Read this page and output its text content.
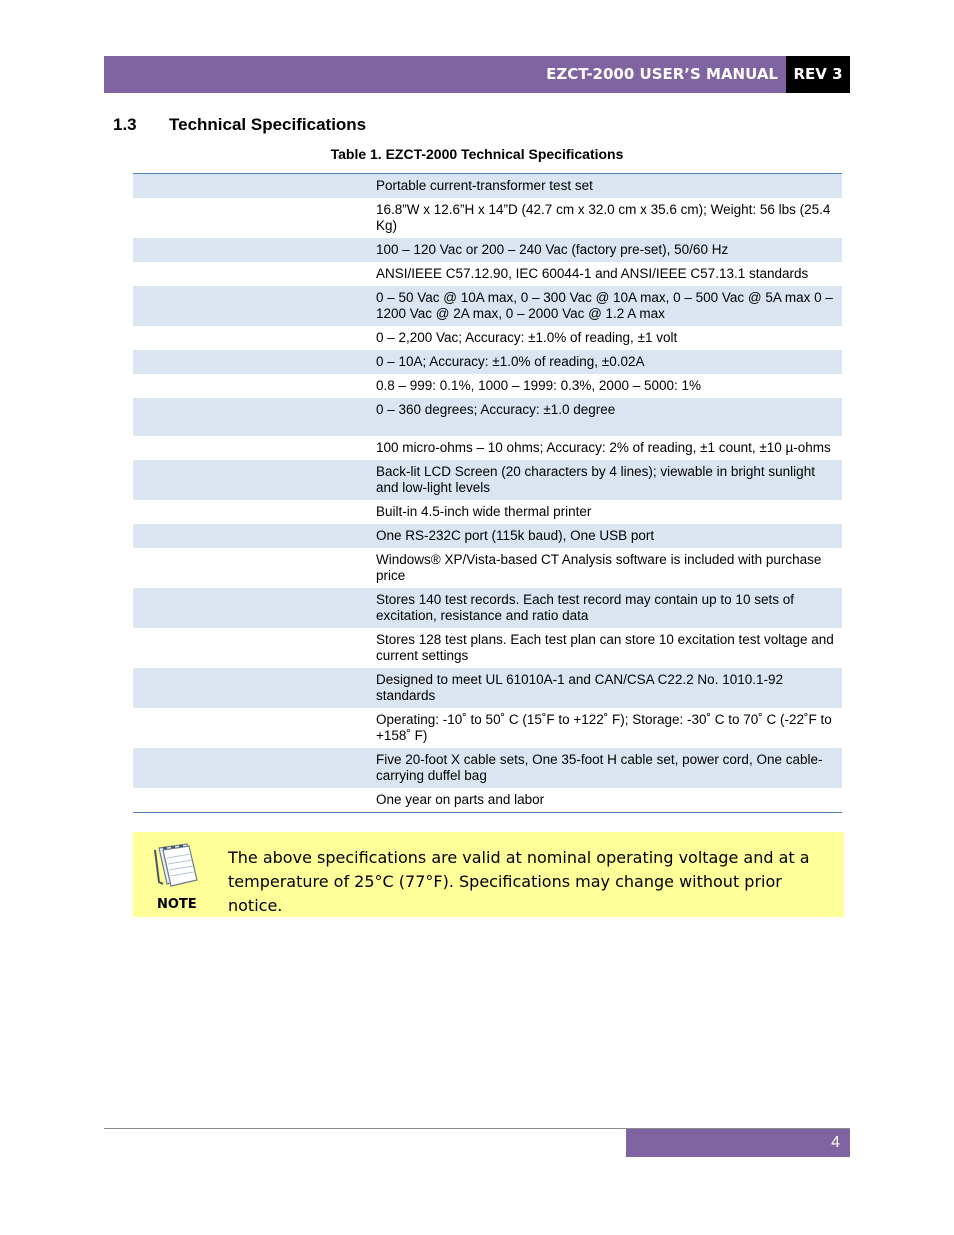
EZCT-2000 USER’S MANUAL	REV 3
1.3 Technical Specifications
Table 1. EZCT-2000 Technical Specifications
	Portable current-transformer test set
	16.8”W x 12.6”H x 14”D (42.7 cm x 32.0 cm x 35.6 cm); Weight: 56 lbs (25.4 Kg)
	100 – 120 Vac or 200 – 240 Vac (factory pre-set), 50/60 Hz
	ANSI/IEEE C57.12.90, IEC 60044-1 and ANSI/IEEE C57.13.1 standards
	0 – 50 Vac @ 10A max, 0 – 300 Vac @ 10A max, 0 – 500 Vac @ 5A max 0 – 1200 Vac @ 2A max, 0 – 2000 Vac @ 1.2 A max
	0 – 2,200 Vac; Accuracy: ±1.0% of reading, ±1 volt
	0 – 10A; Accuracy: ±1.0% of reading, ±0.02A
	0.8 – 999: 0.1%, 1000 – 1999: 0.3%, 2000 – 5000: 1%
	0 – 360 degrees; Accuracy: ±1.0 degree
	100 micro-ohms – 10 ohms; Accuracy: 2% of reading, ±1 count, ±10 µ-ohms
	Back-lit LCD Screen (20 characters by 4 lines); viewable in bright sunlight and low-light levels
	Built-in 4.5-inch wide thermal printer
	One RS-232C port (115k baud), One USB port
	Windows® XP/Vista-based CT Analysis software is included with purchase price
	Stores 140 test records. Each test record may contain up to 10 sets of excitation, resistance and ratio data
	Stores 128 test plans. Each test plan can store 10 excitation test voltage and current settings
	Designed to meet UL 61010A-1 and CAN/CSA C22.2 No. 1010.1-92 standards
	Operating: -10˚ to 50˚ C (15˚F to +122˚ F); Storage: -30˚ C to 70˚ C (-22˚F to +158˚ F)
	Five 20-foot X cable sets, One 35-foot H cable set, power cord, One cable-carrying duffel bag
	One year on parts and labor
NOTE
The above specifications are valid at nominal operating voltage and at a temperature of 25°C (77°F). Specifications may change without prior notice.
4
